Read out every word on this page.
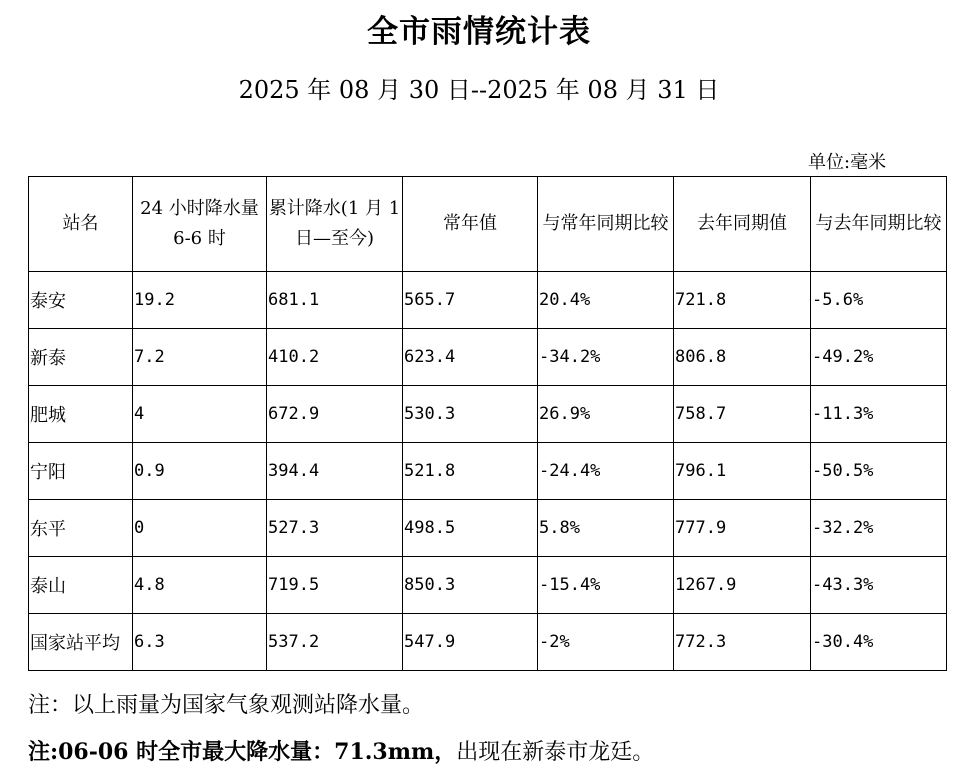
全市雨情统计表
2025 年 08 月 30 日--2025 年 08 月 31 日
单位:毫米
站名	24 小时降水量 6-6 时	累计降水(1 月 1 日—至今)	常年值	与常年同期比较	去年同期值	与去年同期比较
泰安	19.2	681.1	565.7	20.4%	721.8	-5.6%
新泰	7.2	410.2	623.4	-34.2%	806.8	-49.2%
肥城	4	672.9	530.3	26.9%	758.7	-11.3%
宁阳	0.9	394.4	521.8	-24.4%	796.1	-50.5%
东平	0	527.3	498.5	5.8%	777.9	-32.2%
泰山	4.8	719.5	850.3	-15.4%	1267.9	-43.3%
国家站平均	6.3	537.2	547.9	-2%	772.3	-30.4%
注：以上雨量为国家气象观测站降水量。
注:06-06 时全市最大降水量：71.3mm，出现在新泰市龙廷。
